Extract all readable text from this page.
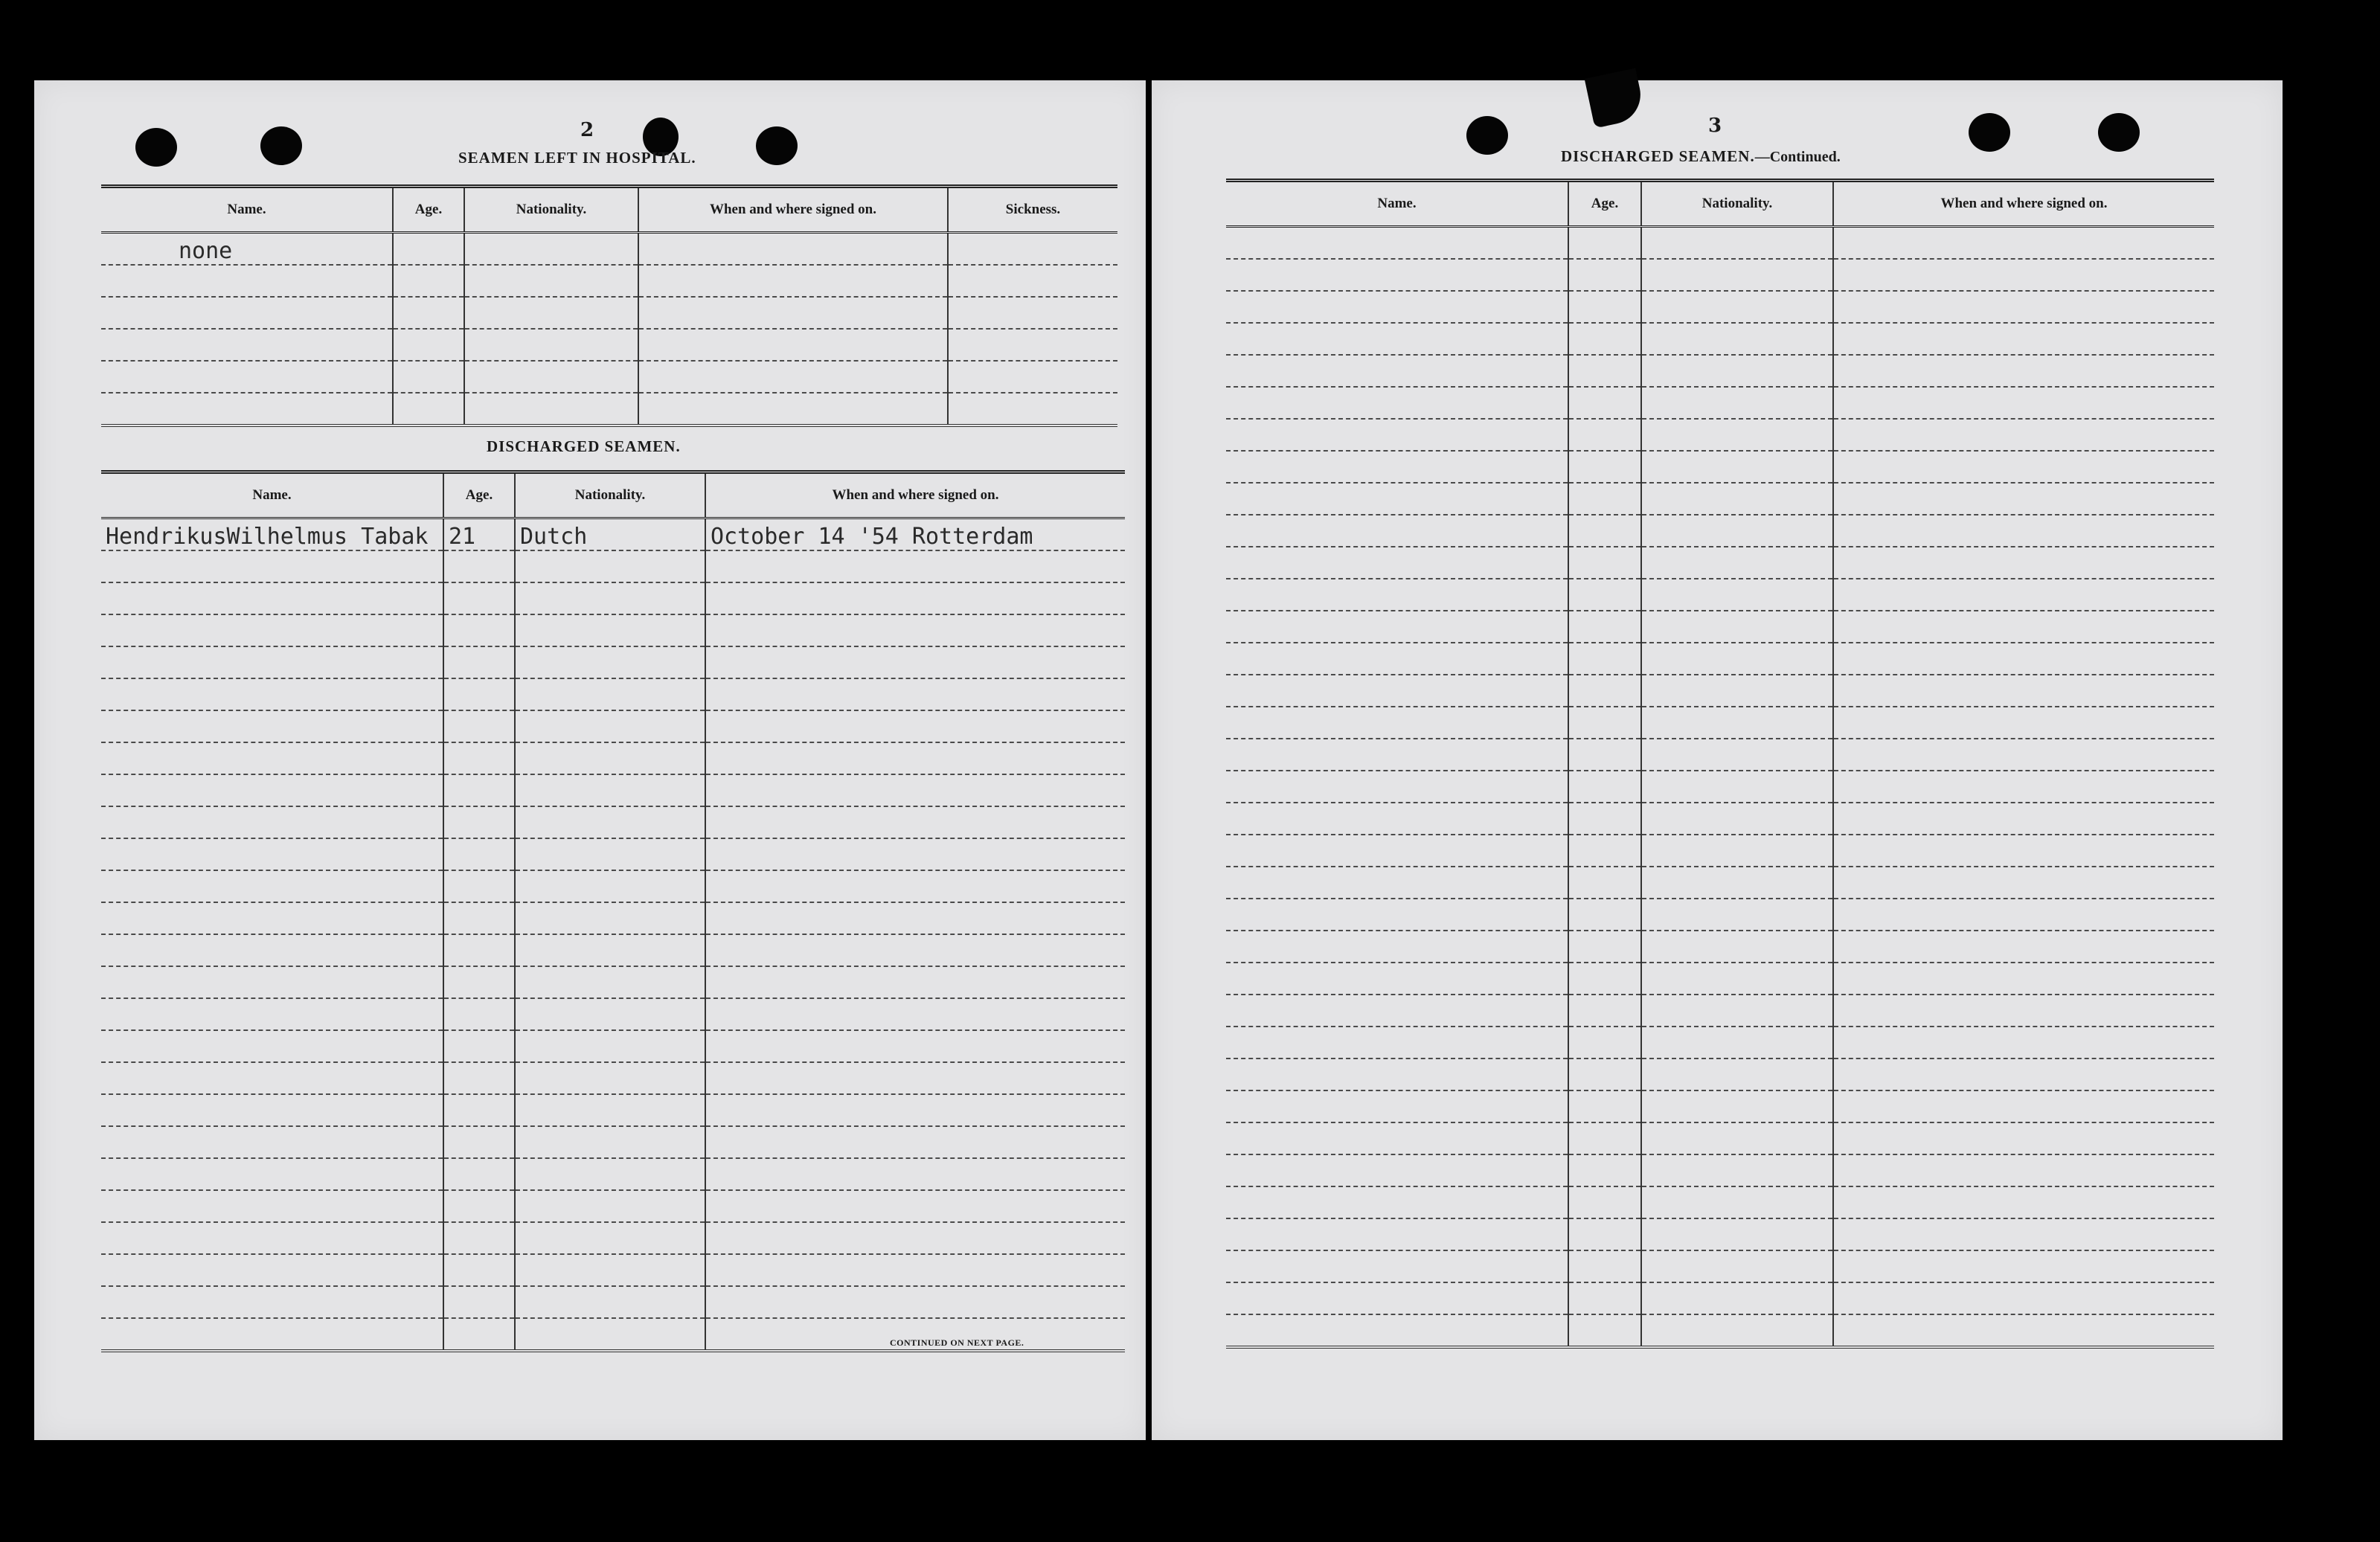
2
SEAMEN LEFT IN HOSPITAL.
Name.	Age.	Nationality.	When and where signed on.	Sickness.
none				

DISCHARGED SEAMEN.
Name.	Age.	Nationality.	When and where signed on.
HendrikusWilhelmus Tabak	21	Dutch	October 14 '54 Rotterdam

CONTINUED ON NEXT PAGE.
3
DISCHARGED SEAMEN.—Continued.
Name.	Age.	Nationality.	When and where signed on.
